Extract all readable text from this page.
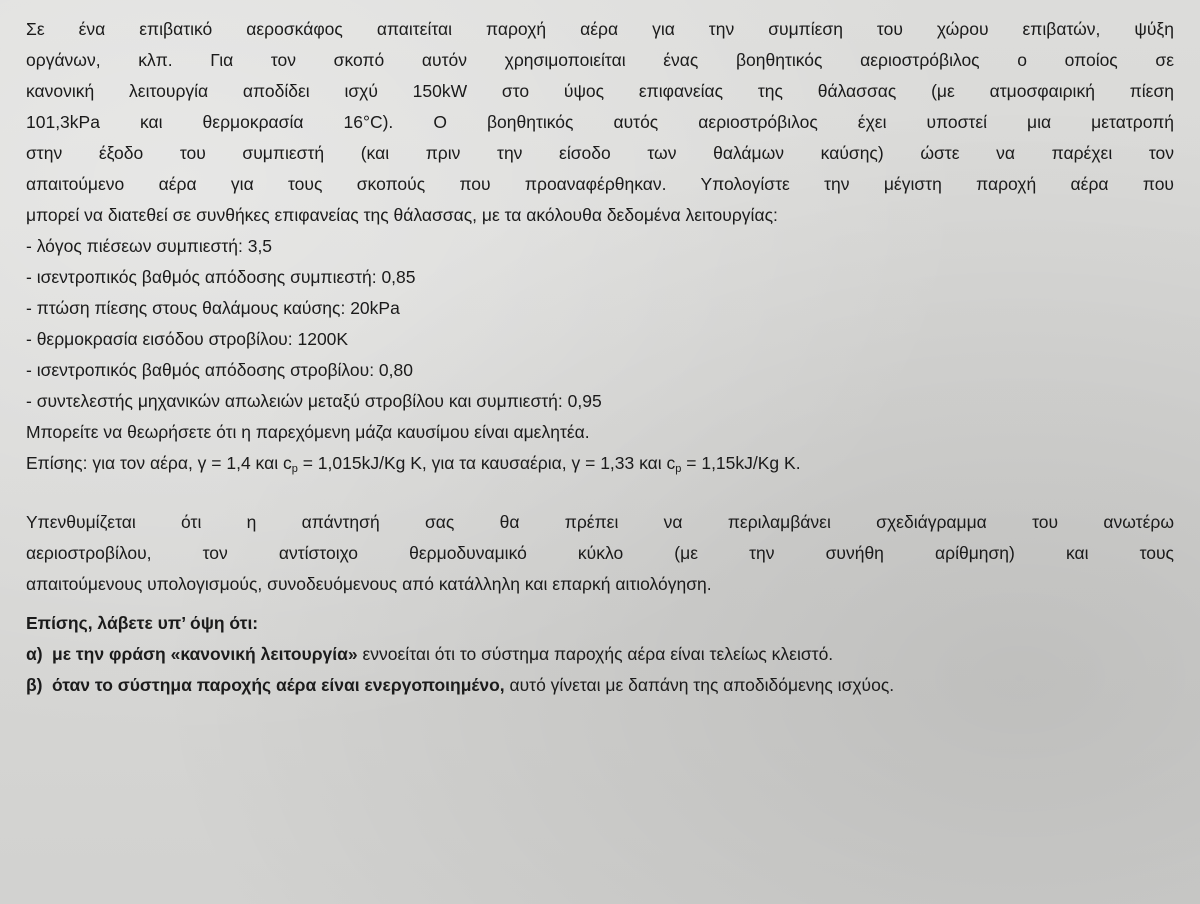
Σε ένα επιβατικό αεροσκάφος απαιτείται παροχή αέρα για την συμπίεση του χώρου επιβατών, ψύξη
οργάνων, κλπ. Για τον σκοπό αυτόν χρησιμοποιείται ένας βοηθητικός αεριοστρόβιλος ο οποίος σε
κανονική λειτουργία αποδίδει ισχύ 150kW στο ύψος επιφανείας της θάλασσας (με ατμοσφαιρική πίεση
101,3kPa και θερμοκρασία 16°C). Ο βοηθητικός αυτός αεριοστρόβιλος έχει υποστεί μια μετατροπή
στην έξοδο του συμπιεστή (και πριν την είσοδο των θαλάμων καύσης) ώστε να παρέχει τον
απαιτούμενο αέρα για τους σκοπούς που προαναφέρθηκαν. Υπολογίστε την μέγιστη παροχή αέρα που
μπορεί να διατεθεί σε συνθήκες επιφανείας της θάλασσας, με τα ακόλουθα δεδομένα λειτουργίας:
- λόγος πιέσεων συμπιεστή: 3,5
- ισεντροπικός βαθμός απόδοσης συμπιεστή: 0,85
- πτώση πίεσης στους θαλάμους καύσης: 20kPa
- θερμοκρασία εισόδου στροβίλου: 1200K
- ισεντροπικός βαθμός απόδοσης στροβίλου: 0,80
- συντελεστής μηχανικών απωλειών μεταξύ στροβίλου και συμπιεστή: 0,95

Μπορείτε να θεωρήσετε ότι η παρεχόμενη μάζα καυσίμου είναι αμελητέα.

Επίσης: για τον αέρα, γ = 1,4 και $c_p = 1,015kJ/Kg$ K, για τα καυσαέρια, γ = 1,33 και $c_p = 1,15kJ/Kg$ K.

Υπενθυμίζεται ότι η απάντησή σας θα πρέπει να περιλαμβάνει σχεδιάγραμμα του ανωτέρω
αεριοστροβίλου, τον αντίστοιχο θερμοδυναμικό κύκλο (με την συνήθη αρίθμηση) και τους
απαιτούμενους υπολογισμούς, συνοδευόμενους από κατάλληλη και επαρκή αιτιολόγηση.

Επίσης, λάβετε υπ’ όψη ότι:

α) με την φράση «κανονική λειτουργία» εννοείται ότι το σύστημα παροχής αέρα είναι τελείως κλειστό.
β) όταν το σύστημα παροχής αέρα είναι ενεργοποιημένο, αυτό γίνεται με δαπάνη της αποδιδόμενης ισχύος.
